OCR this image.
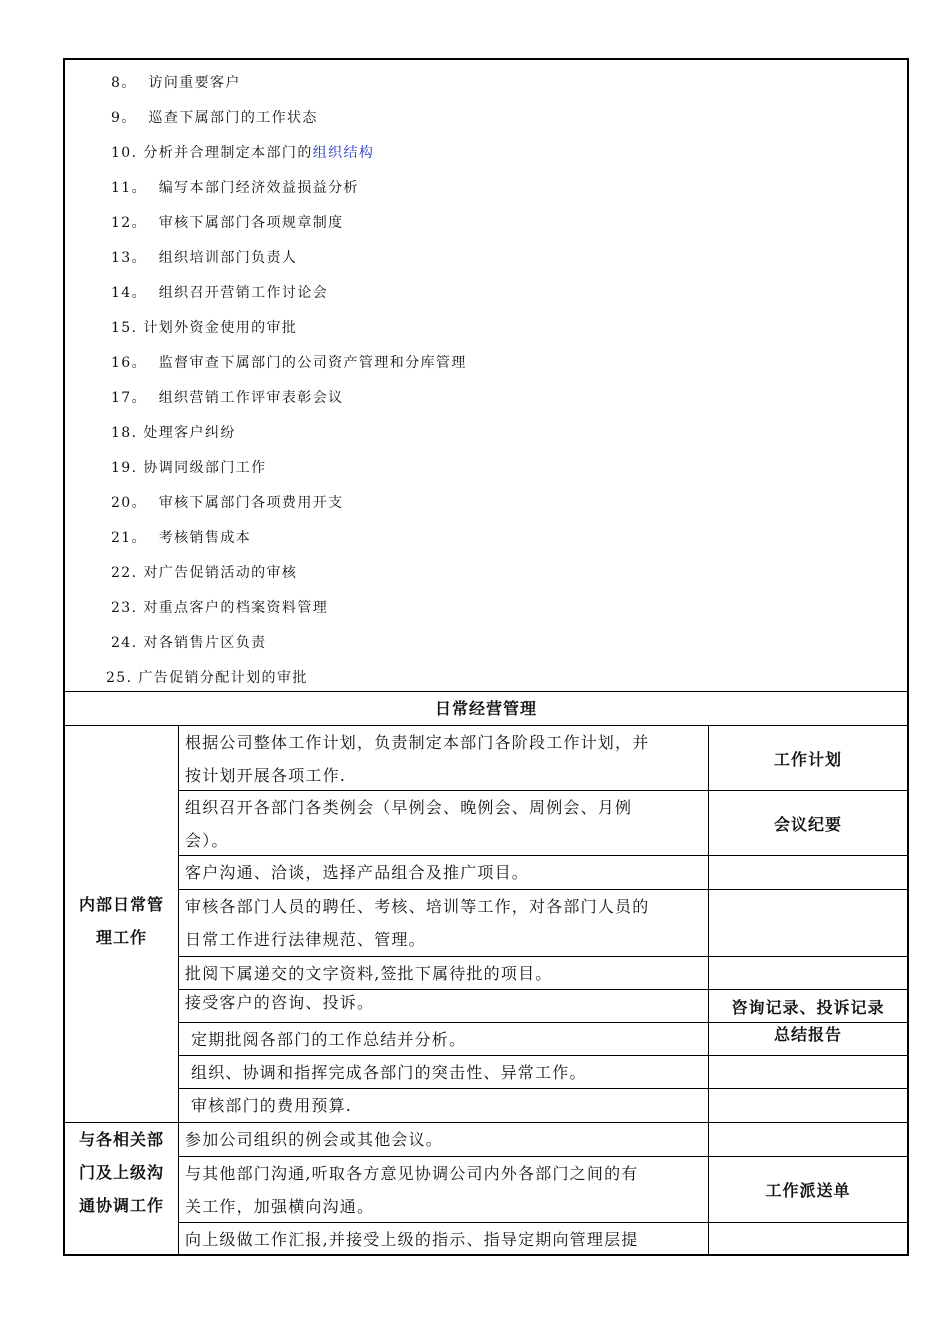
8。 访问重要客户
9。 巡查下属部门的工作状态
10. 分析并合理制定本部门的组织结构
11。 编写本部门经济效益损益分析
12。 审核下属部门各项规章制度
13。 组织培训部门负责人
14。 组织召开营销工作讨论会
15. 计划外资金使用的审批
16。 监督审查下属部门的公司资产管理和分库管理
17。 组织营销工作评审表彰会议
18. 处理客户纠纷
19. 协调同级部门工作
20。 审核下属部门各项费用开支
21。 考核销售成本
22. 对广告促销活动的审核
23. 对重点客户的档案资料管理
24. 对各销售片区负责
25. 广告促销分配计划的审批
日常经营管理
内部日常管
理工作
根据公司整体工作计划，负责制定本部门各阶段工作计划，并
按计划开展各项工作.
工作计划
组织召开各部门各类例会（早例会、晚例会、周例会、月例
会）。
会议纪要
客户沟通、洽谈，选择产品组合及推广项目。
审核各部门人员的聘任、考核、培训等工作，对各部门人员的
日常工作进行法律规范、管理。
批阅下属递交的文字资料,签批下属待批的项目。
接受客户的咨询、投诉。	咨询记录、投诉记录
定期批阅各部门的工作总结并分析。	总结报告
组织、协调和指挥完成各部门的突击性、异常工作。
审核部门的费用预算.
与各相关部
门及上级沟
通协调工作
参加公司组织的例会或其他会议。
与其他部门沟通,听取各方意见协调公司内外各部门之间的有
关工作，加强横向沟通。
工作派送单
向上级做工作汇报,并接受上级的指示、指导定期向管理层提
